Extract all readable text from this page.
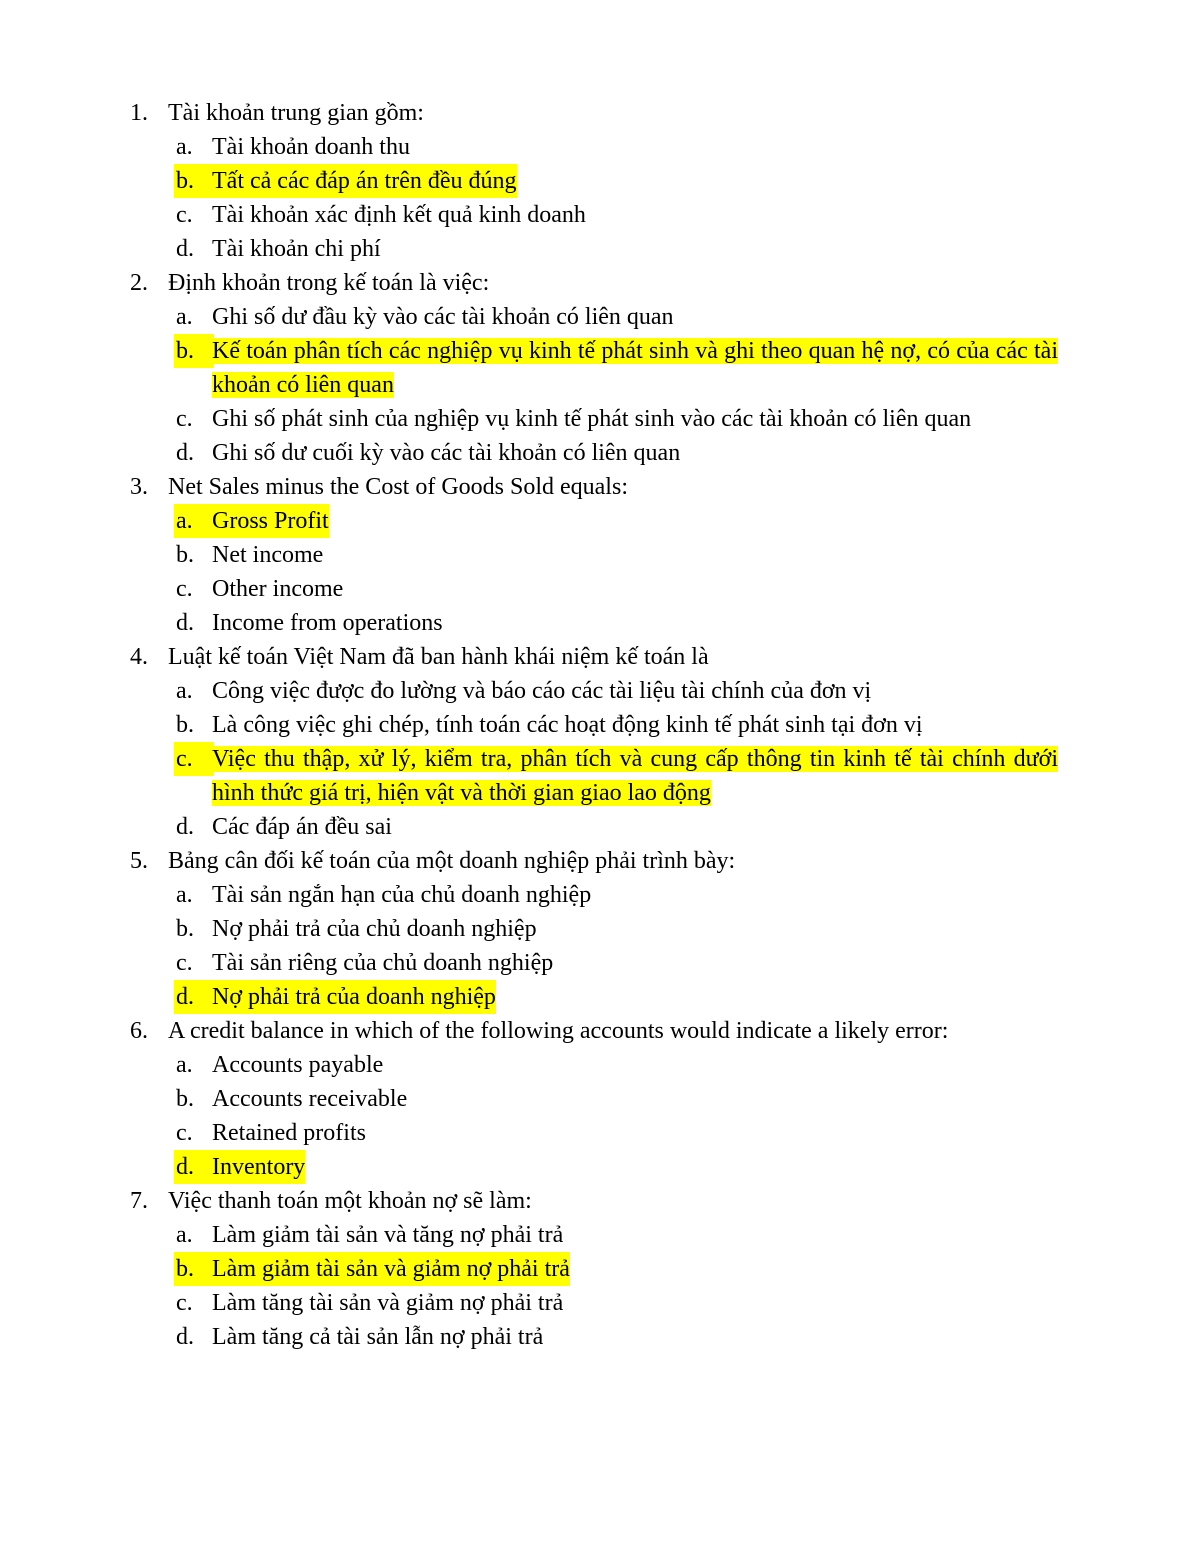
1. Tài khoản trung gian gồm:
a. Tài khoản doanh thu
b. Tất cả các đáp án trên đều đúng
c. Tài khoản xác định kết quả kinh doanh
d. Tài khoản chi phí
2. Định khoản trong kế toán là việc:
a. Ghi số dư đầu kỳ vào các tài khoản có liên quan
b. Kế toán phân tích các nghiệp vụ kinh tế phát sinh và ghi theo quan hệ nợ, có của các tài khoản có liên quan
c. Ghi số phát sinh của nghiệp vụ kinh tế phát sinh vào các tài khoản có liên quan
d. Ghi số dư cuối kỳ vào các tài khoản có liên quan
3. Net Sales minus the Cost of Goods Sold equals:
a. Gross Profit
b. Net income
c. Other income
d. Income from operations
4. Luật kế toán Việt Nam đã ban hành khái niệm kế toán là
a. Công việc được đo lường và báo cáo các tài liệu tài chính của đơn vị
b. Là công việc ghi chép, tính toán các hoạt động kinh tế phát sinh tại đơn vị
c. Việc thu thập, xử lý, kiểm tra, phân tích và cung cấp thông tin kinh tế tài chính dưới hình thức giá trị, hiện vật và thời gian giao lao động
d. Các đáp án đều sai
5. Bảng cân đối kế toán của một doanh nghiệp phải trình bày:
a. Tài sản ngắn hạn của chủ doanh nghiệp
b. Nợ phải trả của chủ doanh nghiệp
c. Tài sản riêng của chủ doanh nghiệp
d. Nợ phải trả của doanh nghiệp
6. A credit balance in which of the following accounts would indicate a likely error:
a. Accounts payable
b. Accounts receivable
c. Retained profits
d. Inventory
7. Việc thanh toán một khoản nợ sẽ làm:
a. Làm giảm tài sản và tăng nợ phải trả
b. Làm giảm tài sản và giảm nợ phải trả
c. Làm tăng tài sản và giảm nợ phải trả
d. Làm tăng cả tài sản lẫn nợ phải trả
